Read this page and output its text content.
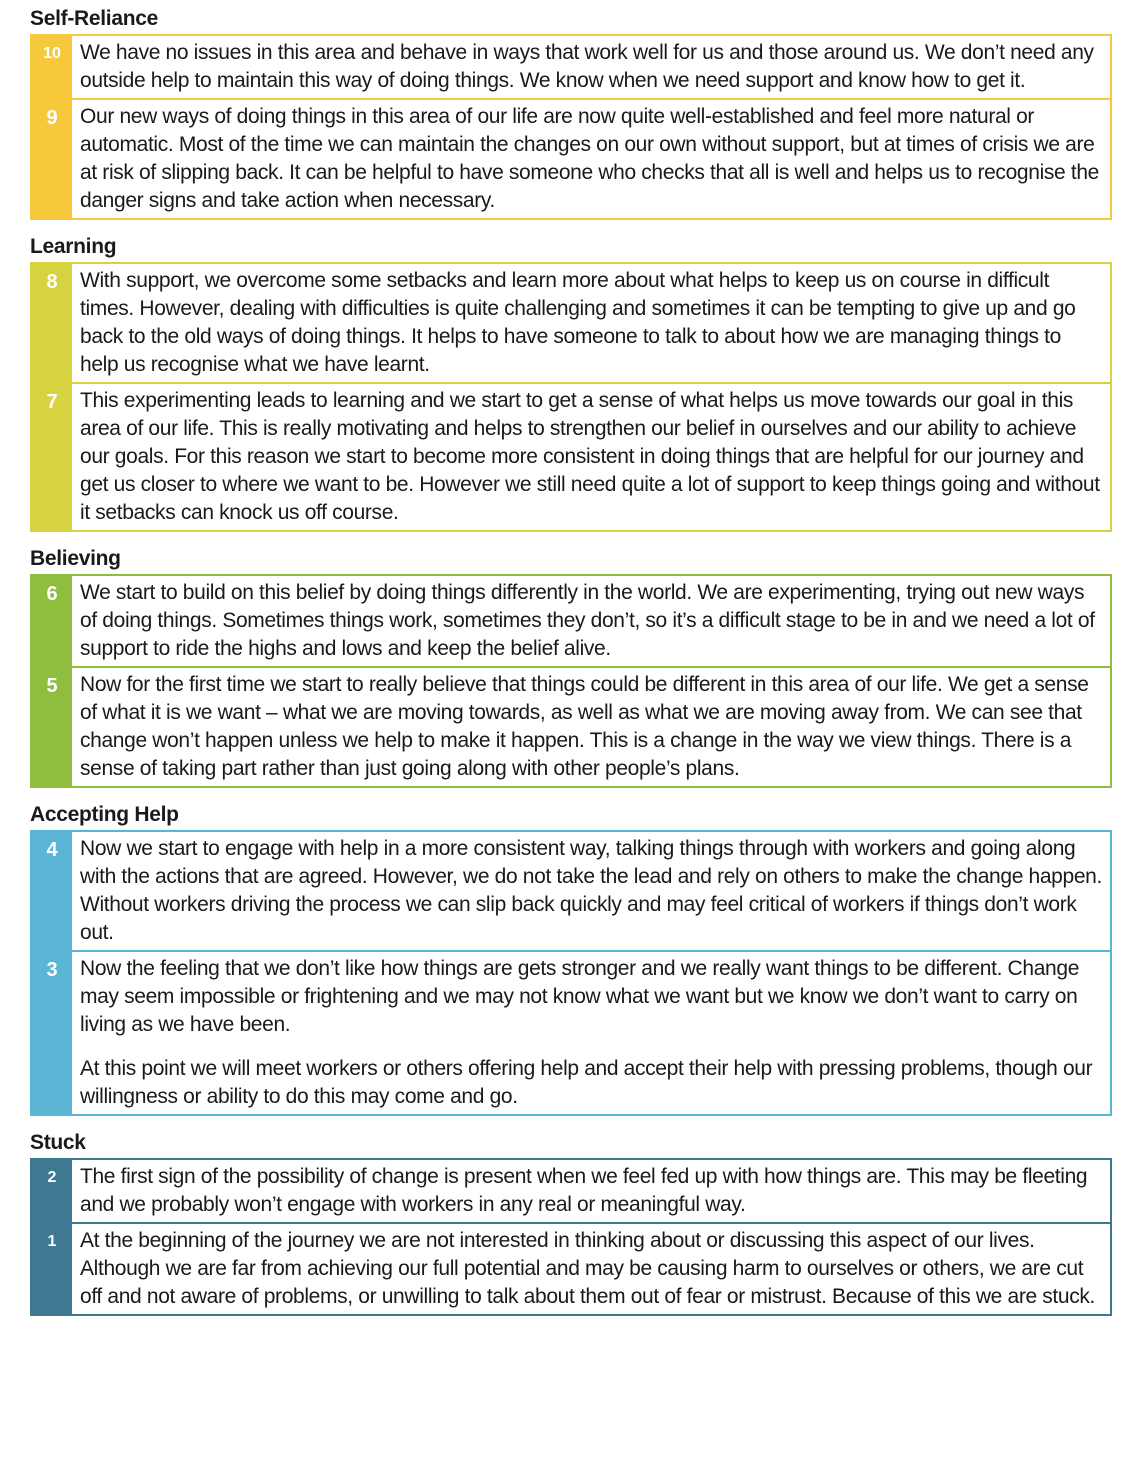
Self-Reliance
10 We have no issues in this area and behave in ways that work well for us and those around us. We don’t need any outside help to maintain this way of doing things. We know when we need support and know how to get it.

9	Our new ways of doing things in this area of our life are now quite well-established and feel more natural or automatic. Most of the time we can maintain the changes on our own without support, but at times of crisis we are at risk of slipping back. It can be helpful to have someone who checks that all is well and helps us to recognise the danger signs and take action when necessary.

Learning
8	With support, we overcome some setbacks and learn more about what helps to keep us on course in difficult times. However, dealing with difficulties is quite challenging and sometimes it can be tempting to give up and go back to the old ways of doing things. It helps to have someone to talk to about how we are managing things to help us recognise what we have learnt.

7	This experimenting leads to learning and we start to get a sense of what helps us move towards our goal in this area of our life. This is really motivating and helps to strengthen our belief in ourselves and our ability to achieve our goals. For this reason we start to become more consistent in doing things that are helpful for our journey and get us closer to where we want to be. However we still need quite a lot of support to keep things going and without it setbacks can knock us off course.

Believing
6	We start to build on this belief by doing things differently in the world. We are experimenting, trying out new ways of doing things. Sometimes things work, sometimes they don’t, so it’s a difficult stage to be in and we need a lot of support to ride the highs and lows and keep the belief alive.

5	Now for the first time we start to really believe that things could be different in this area of our life. We get a sense of what it is we want – what we are moving towards, as well as what we are moving away from. We can see that change won’t happen unless we help to make it happen. This is a change in the way we view things. There is a sense of taking part rather than just going along with other people’s plans.

Accepting Help
4	Now we start to engage with help in a more consistent way, talking things through with workers and going along with the actions that are agreed. However, we do not take the lead and rely on others to make the change happen. Without workers driving the process we can slip back quickly and may feel critical of workers if things don’t work out.

3	Now the feeling that we don’t like how things are gets stronger and we really want things to be different. Change may seem impossible or frightening and we may not know what we want but we know we don’t want to carry on living as we have been.

At this point we will meet workers or others offering help and accept their help with pressing problems, though our willingness or ability to do this may come and go.

Stuck
2	The first sign of the possibility of change is present when we feel fed up with how things are. This may be fleeting and we probably won’t engage with workers in any real or meaningful way.

1	At the beginning of the journey we are not interested in thinking about or discussing this aspect of our lives. Although we are far from achieving our full potential and may be causing harm to ourselves or others, we are cut off and not aware of problems, or unwilling to talk about them out of fear or mistrust. Because of this we are stuck.
